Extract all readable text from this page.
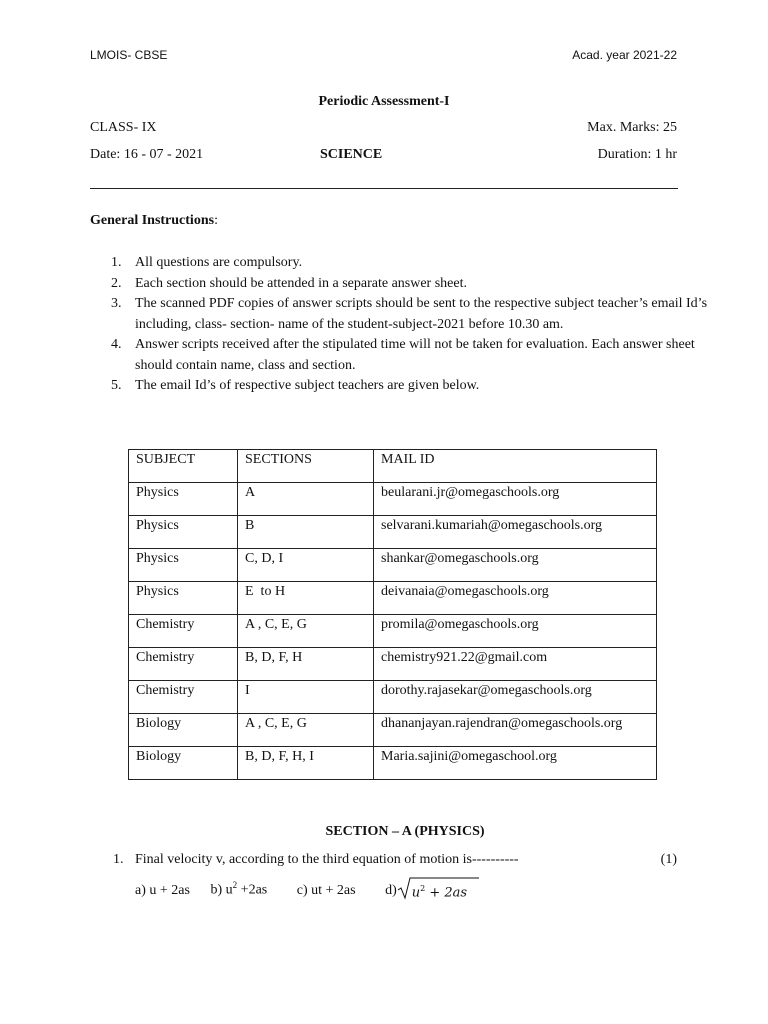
LMOIS- CBSE	Acad. year 2021-22
Periodic Assessment-I
CLASS- IX	Max. Marks: 25
Date: 16 - 07 - 2021	SCIENCE	Duration: 1 hr
General Instructions:
1. All questions are compulsory.
2. Each section should be attended in a separate answer sheet.
3. The scanned PDF copies of answer scripts should be sent to the respective subject teacher’s email Id’s including, class- section- name of the student-subject-2021 before 10.30 am.
4. Answer scripts received after the stipulated time will not be taken for evaluation. Each answer sheet should contain name, class and section.
5. The email Id’s of respective subject teachers are given below.
SUBJECT	SECTIONS	MAIL ID
Physics	A	beularani.jr@omegaschools.org
Physics	B	selvarani.kumariah@omegaschools.org
Physics	C, D, I	shankar@omegaschools.org
Physics	E  to H	deivanaia@omegaschools.org
Chemistry	A , C, E, G	promila@omegaschools.org
Chemistry	B, D, F, H	chemistry921.22@gmail.com
Chemistry	I	dorothy.rajasekar@omegaschools.org
Biology	A , C, E, G	dhananjayan.rajendran@omegaschools.org
Biology	B, D, F, H, I	Maria.sajini@omegaschool.org
SECTION – A (PHYSICS)
1. Final velocity v, according to the third equation of motion is----------	(1)
a) u + 2as b) $u^2 +2as$ c) ut + 2as d) $u^2 + 2as$
